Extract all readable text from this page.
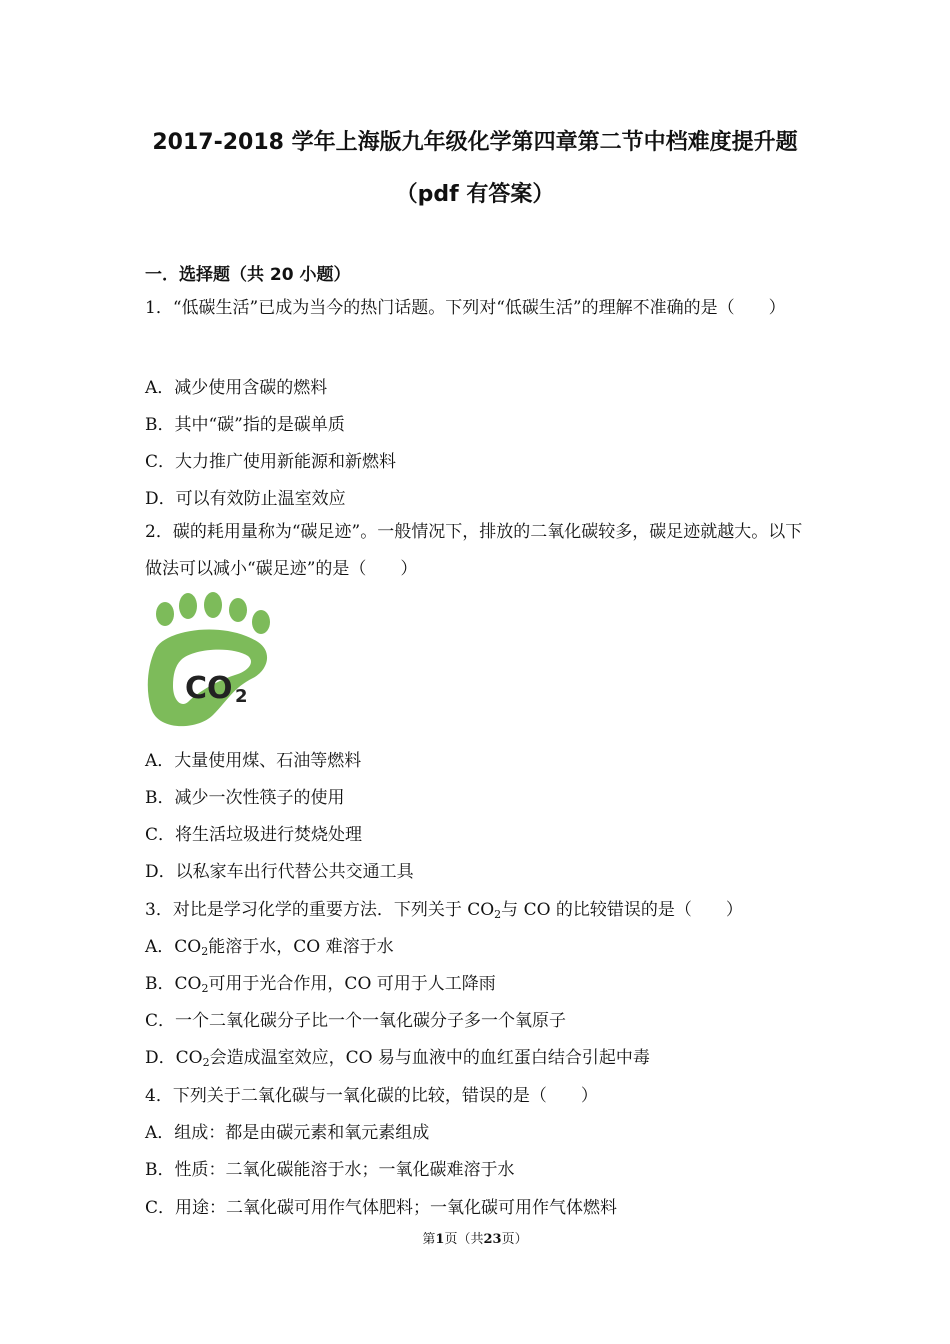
2017-2018 学年上海版九年级化学第四章第二节中档难度提升题
（pdf 有答案）
一．选择题（共 20 小题）
1．“低碳生活”已成为当今的热门话题。下列对“低碳生活”的理解不准确的是（　　）
A．减少使用含碳的燃料
B．其中“碳”指的是碳单质
C．大力推广使用新能源和新燃料
D．可以有效防止温室效应
2．碳的耗用量称为“碳足迹”。一般情况下，排放的二氧化碳较多，碳足迹就越大。以下做法可以减小“碳足迹”的是（　　）
CO 2
A．大量使用煤、石油等燃料
B．减少一次性筷子的使用
C．将生活垃圾进行焚烧处理
D．以私家车出行代替公共交通工具
3．对比是学习化学的重要方法．下列关于 $CO_2$与 CO 的比较错误的是（　　）
A．$CO_2$能溶于水，CO 难溶于水
B．$CO_2$可用于光合作用，CO 可用于人工降雨
C．一个二氧化碳分子比一个一氧化碳分子多一个氧原子
D．$CO_2$会造成温室效应，CO 易与血液中的血红蛋白结合引起中毒
4．下列关于二氧化碳与一氧化碳的比较，错误的是（　　）
A．组成：都是由碳元素和氧元素组成
B．性质：二氧化碳能溶于水；一氧化碳难溶于水
C．用途：二氧化碳可用作气体肥料；一氧化碳可用作气体燃料
第1页（共23页）
